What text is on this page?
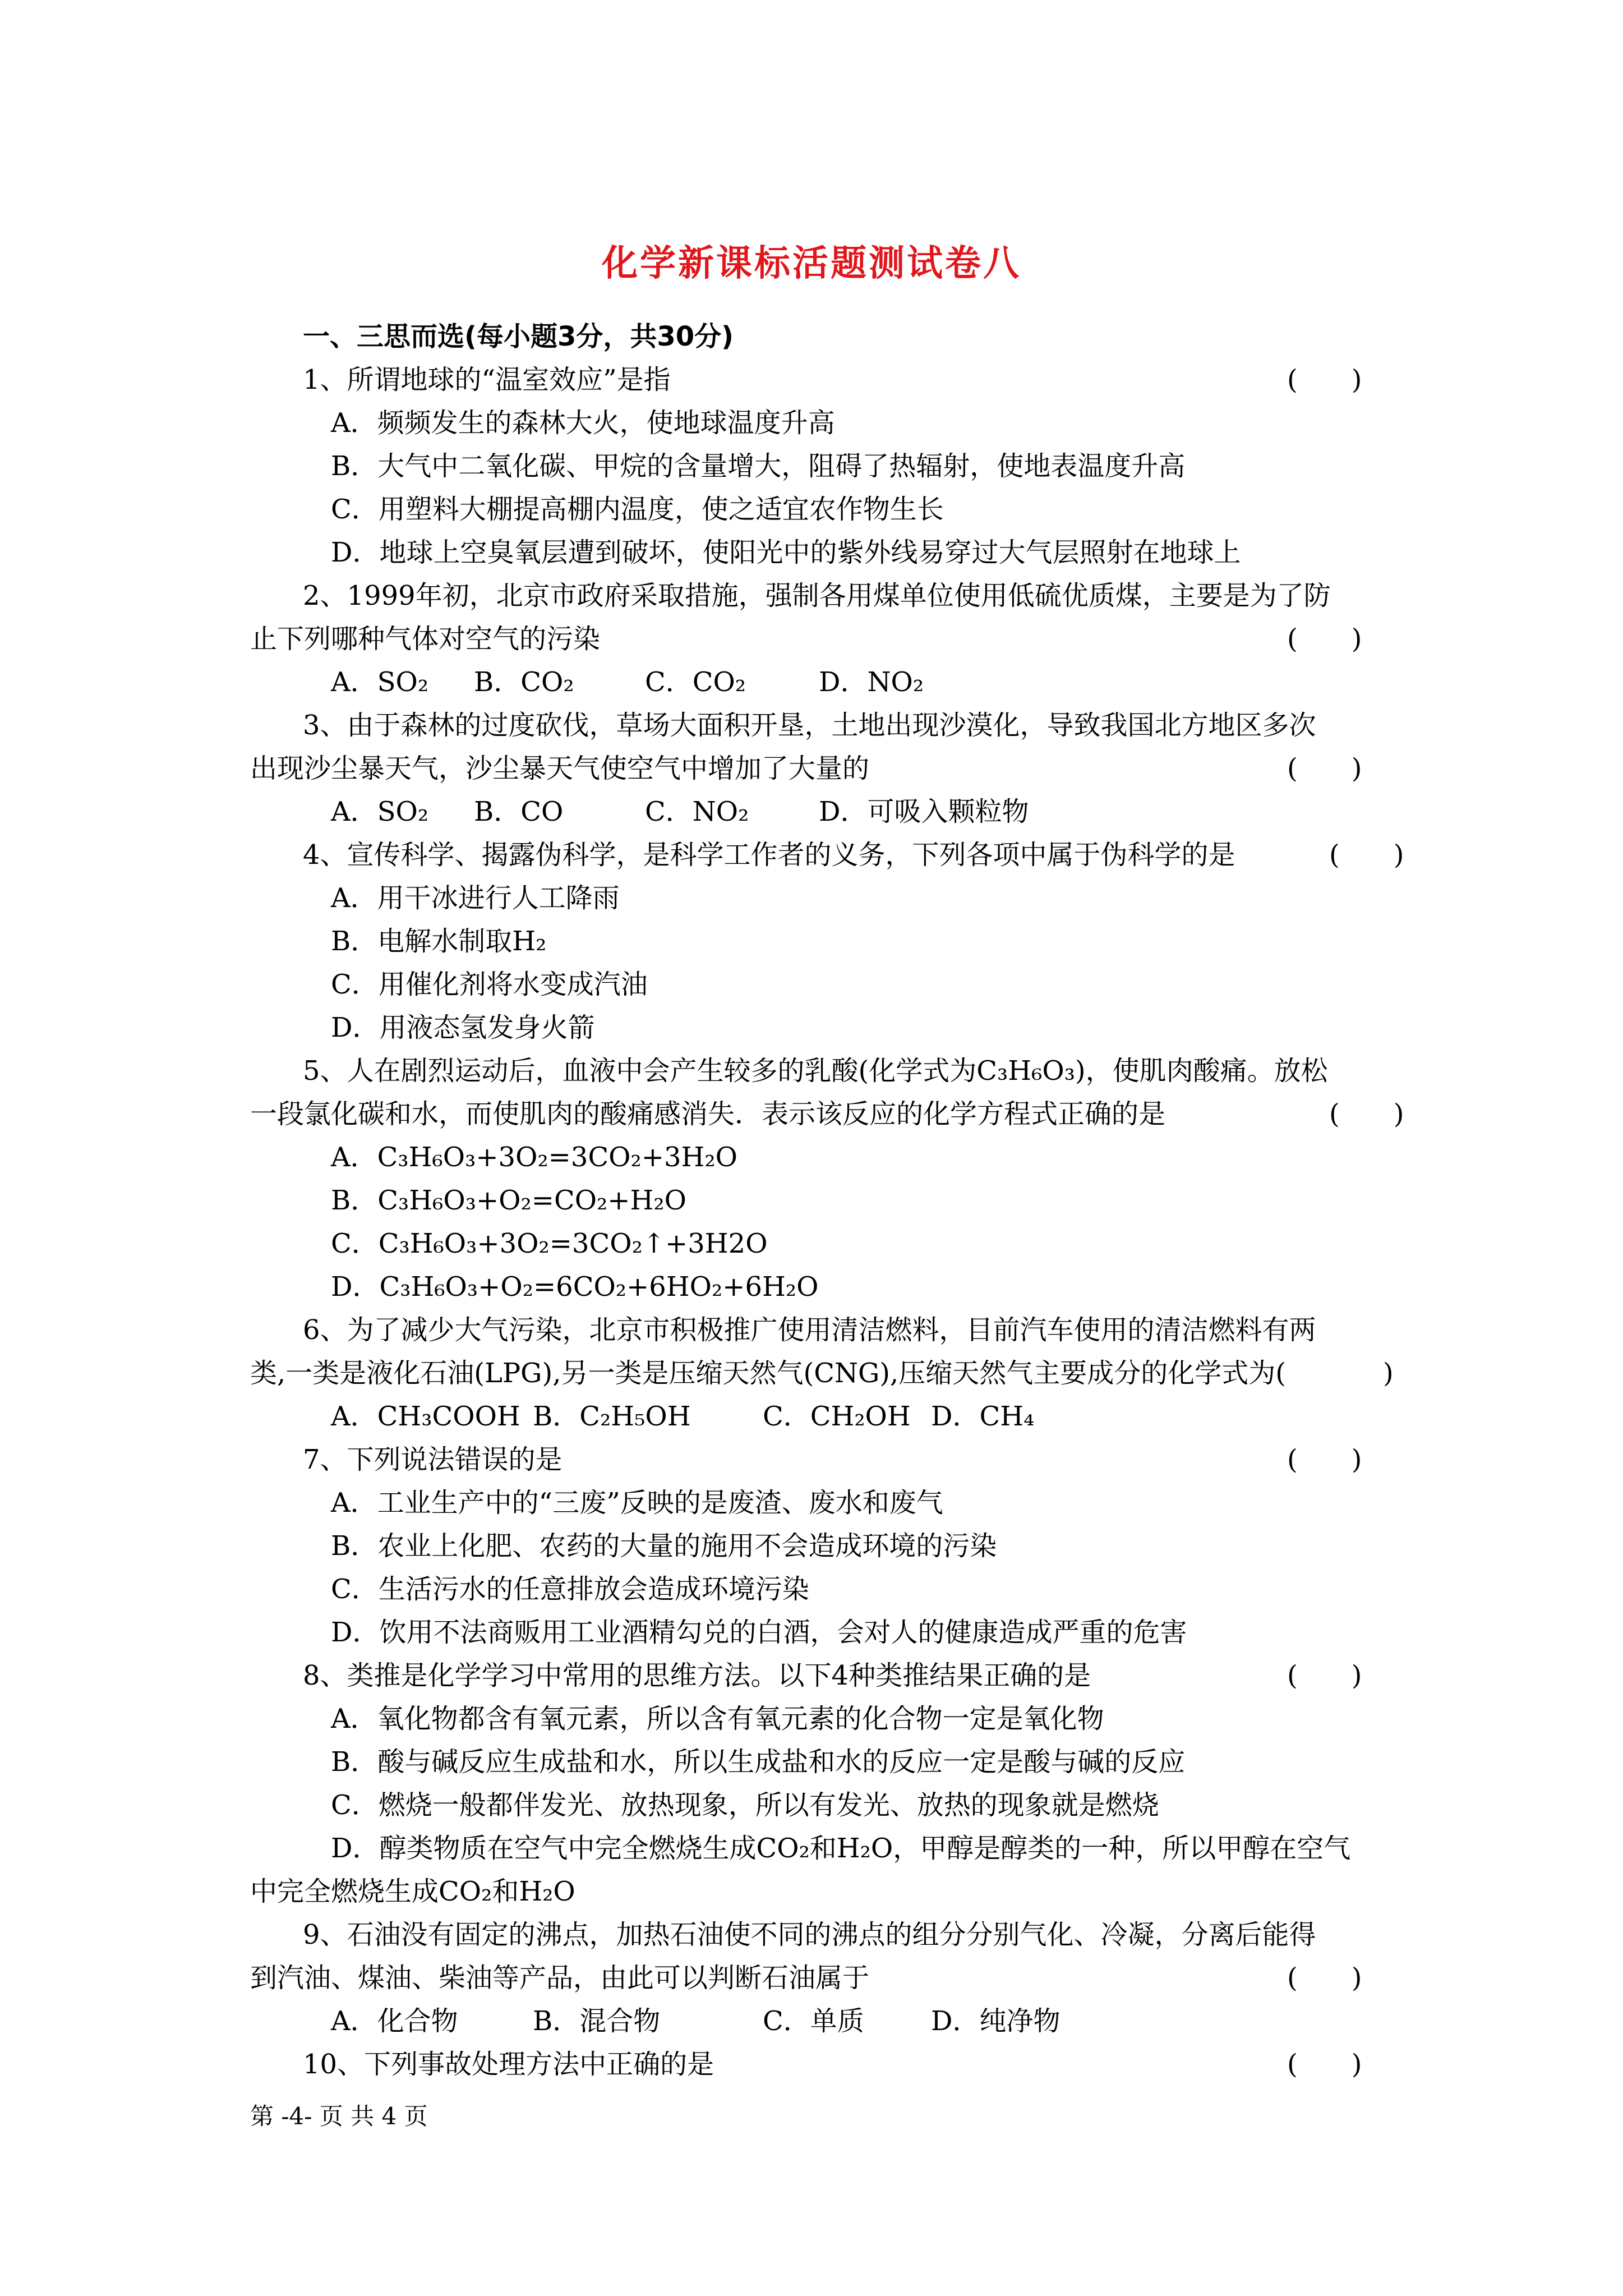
化学新课标活题测试卷八
一、三思而选(每小题3分，共30分)
1、所谓地球的“温室效应”是指	(　　)
A．频频发生的森林大火，使地球温度升高
B．大气中二氧化碳、甲烷的含量增大，阻碍了热辐射，使地表温度升高
C．用塑料大棚提高棚内温度，使之适宜农作物生长
D．地球上空臭氧层遭到破坏，使阳光中的紫外线易穿过大气层照射在地球上
2、1999年初，北京市政府采取措施，强制各用煤单位使用低硫优质煤，主要是为了防
止下列哪种气体对空气的污染	(　　)
A．SO₂ B．CO₂	C．CO₂	D．NO₂
3、由于森林的过度砍伐，草场大面积开垦，土地出现沙漠化，导致我国北方地区多次
出现沙尘暴天气，沙尘暴天气使空气中增加了大量的	(　　)
A．SO₂ B．CO	C．NO₂	D．可吸入颗粒物
4、宣传科学、揭露伪科学，是科学工作者的义务，下列各项中属于伪科学的是	(　　)
A．用干冰进行人工降雨
B．电解水制取H₂
C．用催化剂将水变成汽油
D．用液态氢发身火箭
5、人在剧烈运动后，血液中会产生较多的乳酸(化学式为C₃H₆O₃)，使肌肉酸痛。放松
一段氯化碳和水，而使肌肉的酸痛感消失．表示该反应的化学方程式正确的是	(　　)
A．C₃H₆O₃+3O₂=3CO₂+3H₂O
B．C₃H₆O₃+O₂=CO₂+H₂O
C．C₃H₆O₃+3O₂=3CO₂↑+3H2O
D．C₃H₆O₃+O₂=6CO₂+6HO₂+6H₂O
6、为了减少大气污染，北京市积极推广使用清洁燃料，目前汽车使用的清洁燃料有两
类,一类是液化石油(LPG),另一类是压缩天然气(CNG),压缩天然气主要成分的化学式为( 　　)
A．CH₃COOH B．C₂H₅OH	C．CH₂OH D．CH₄
7、下列说法错误的是	(　　)
A．工业生产中的“三废”反映的是废渣、废水和废气
B．农业上化肥、农药的大量的施用不会造成环境的污染
C．生活污水的任意排放会造成环境污染
D．饮用不法商贩用工业酒精勾兑的白酒，会对人的健康造成严重的危害
8、类推是化学学习中常用的思维方法。以下4种类推结果正确的是	(　　)
A．氧化物都含有氧元素，所以含有氧元素的化合物一定是氧化物
B．酸与碱反应生成盐和水，所以生成盐和水的反应一定是酸与碱的反应
C．燃烧一般都伴发光、放热现象，所以有发光、放热的现象就是燃烧
D．醇类物质在空气中完全燃烧生成CO₂和H₂O，甲醇是醇类的一种，所以甲醇在空气
中完全燃烧生成CO₂和H₂O
9、石油没有固定的沸点，加热石油使不同的沸点的组分分别气化、冷凝，分离后能得
到汽油、煤油、柴油等产品，由此可以判断石油属于	(　　)
A．化合物	B．混合物	C．单质 D．纯净物
10、下列事故处理方法中正确的是	(　　)
第 -4- 页 共 4 页
